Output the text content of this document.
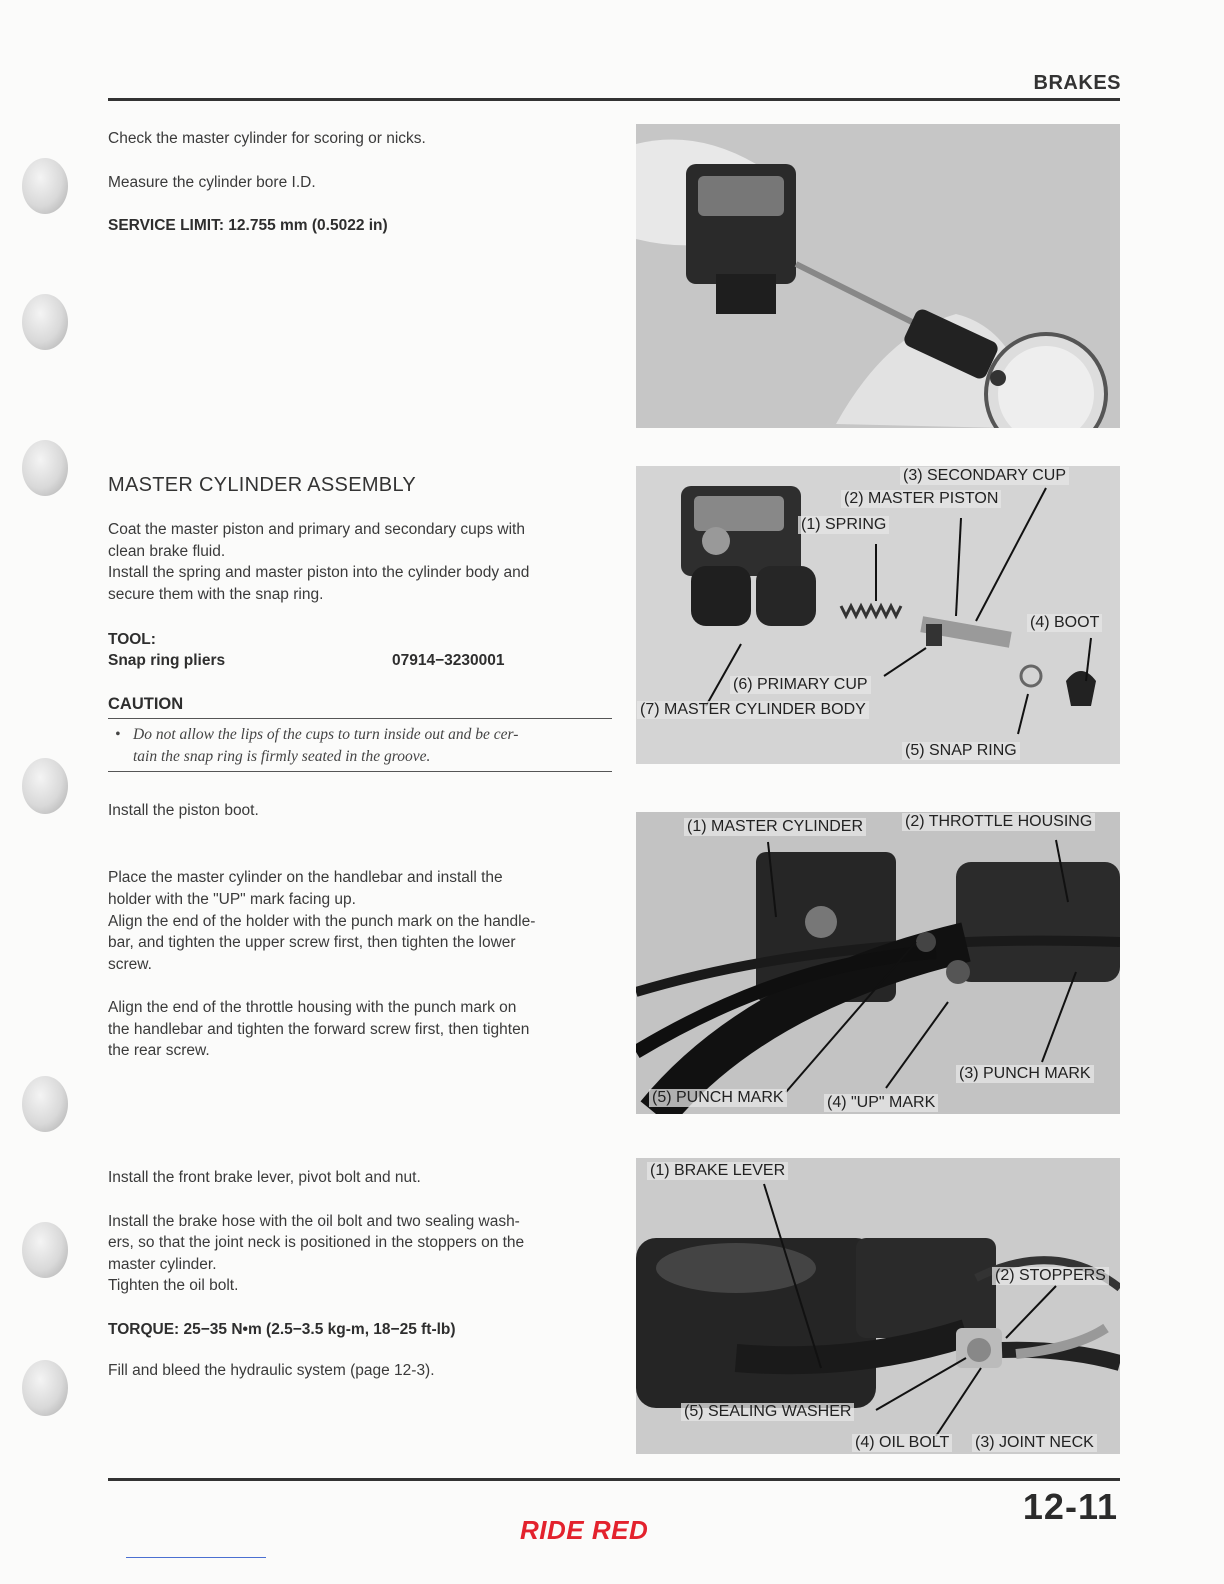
BRAKES
Check the master cylinder for scoring or nicks.
Measure the cylinder bore I.D.
SERVICE LIMIT: 12.755 mm (0.5022 in)
MASTER CYLINDER ASSEMBLY
Coat the master piston and primary and secondary cups with
clean brake fluid.
Install the spring and master piston into the cylinder body and
secure them with the snap ring.
TOOL:
Snap ring pliers	07914−3230001
CAUTION
• Do not allow the lips of the cups to turn inside out and be cer-
tain the snap ring is firmly seated in the groove.
Install the piston boot.
Place the master cylinder on the handlebar and install the
holder with the "UP" mark facing up.
Align the end of the holder with the punch mark on the handle-
bar, and tighten the upper screw first, then tighten the lower
screw.
Align the end of the throttle housing with the punch mark on
the handlebar and tighten the forward screw first, then tighten
the rear screw.
Install the front brake lever, pivot bolt and nut.
Install the brake hose with the oil bolt and two sealing wash-
ers, so that the joint neck is positioned in the stoppers on the
master cylinder.
Tighten the oil bolt.
TORQUE: 25−35 N•m (2.5−3.5 kg-m, 18−25 ft-lb)
Fill and bleed the hydraulic system (page 12-3).
(3) SECONDARY CUP
(2) MASTER PISTON
(1) SPRING
(4) BOOT
(6) PRIMARY CUP
(7) MASTER CYLINDER BODY
(5) SNAP RING
(1) MASTER CYLINDER	(2) THROTTLE HOUSING
(3) PUNCH MARK
(5) PUNCH MARK	(4) "UP" MARK
(1) BRAKE LEVER
(2) STOPPERS
(5) SEALING WASHER
(4) OIL BOLT (3) JOINT NECK
12-11
RIDE RED
